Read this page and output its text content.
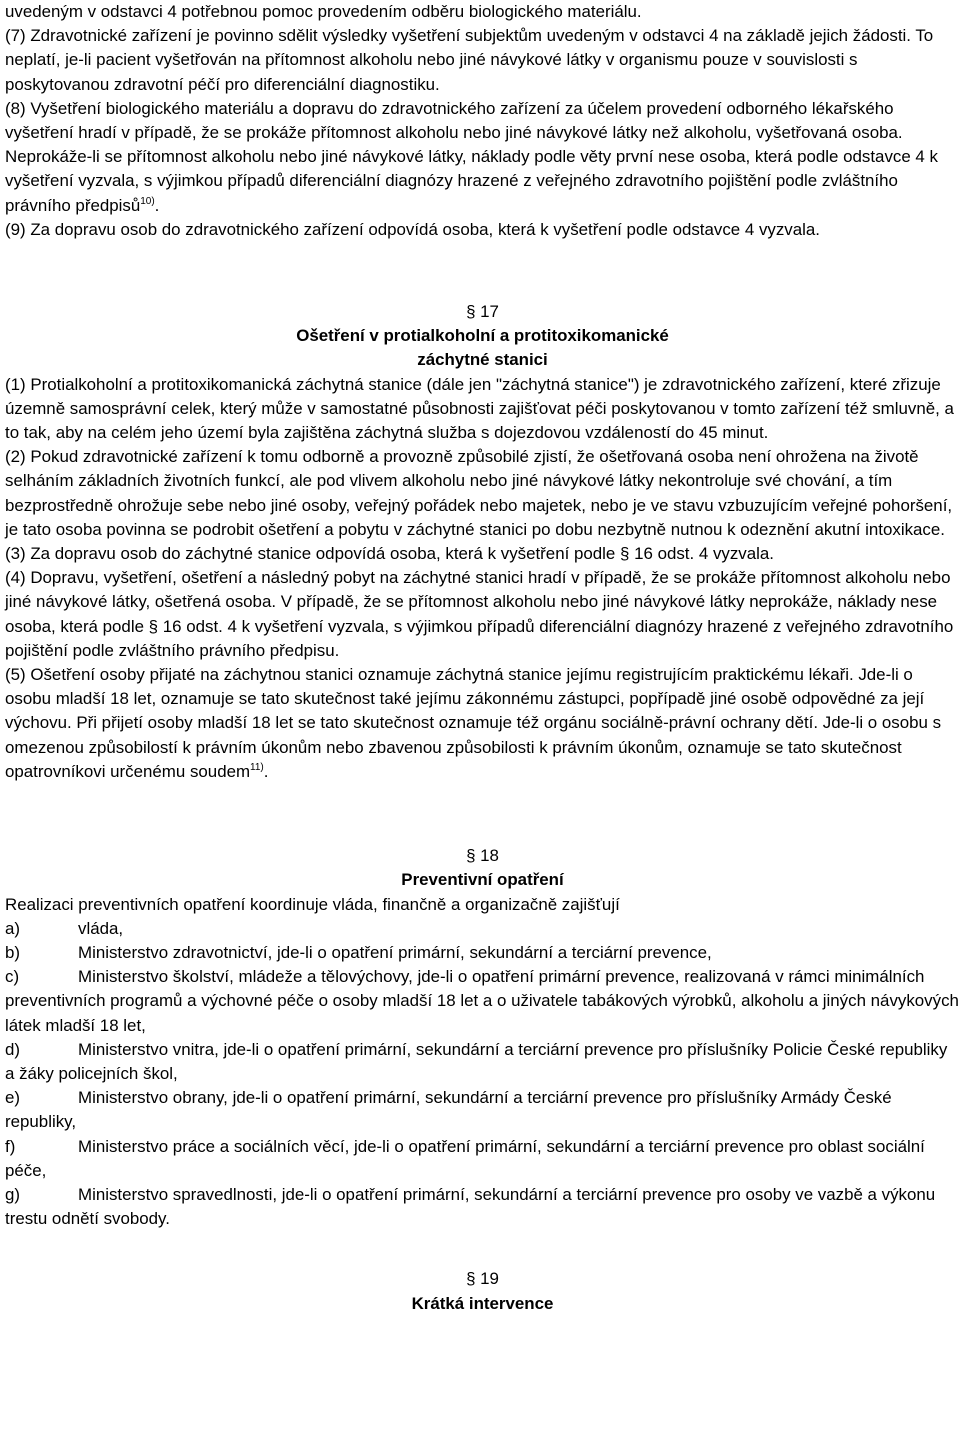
uvedeným v odstavci 4 potřebnou pomoc provedením odběru biologického materiálu.

(7) Zdravotnické zařízení je povinno sdělit výsledky vyšetření subjektům uvedeným v odstavci 4 na základě jejich žádosti. To neplatí, je-li pacient vyšetřován na přítomnost alkoholu nebo jiné návykové látky v organismu pouze v souvislosti s poskytovanou zdravotní péčí pro diferenciální diagnostiku.

(8) Vyšetření biologického materiálu a dopravu do zdravotnického zařízení za účelem provedení odborného lékařského vyšetření hradí v případě, že se prokáže přítomnost alkoholu nebo jiné návykové látky než alkoholu, vyšetřovaná osoba. Neprokáže-li se přítomnost alkoholu nebo jiné návykové látky, náklady podle věty první nese osoba, která podle odstavce 4 k vyšetření vyzvala, s výjimkou případů diferenciální diagnózy hrazené z veřejného zdravotního pojištění podle zvláštního právního předpisů$^{10)}$.

(9) Za dopravu osob do zdravotnického zařízení odpovídá osoba, která k vyšetření podle odstavce 4 vyzvala.

§ 17

Ošetření v protialkoholní a protitoxikomanické

záchytné stanici

(1) Protialkoholní a protitoxikomanická záchytná stanice (dále jen "záchytná stanice") je zdravotnického zařízení, které zřizuje územně samosprávní celek, který může v samostatné působnosti zajišťovat péči poskytovanou v tomto zařízení též smluvně, a to tak, aby na celém jeho území byla zajištěna záchytná služba s dojezdovou vzdáleností do 45 minut.

(2) Pokud zdravotnické zařízení k tomu odborně a provozně způsobilé zjistí, že ošetřovaná osoba není ohrožena na životě selháním základních životních funkcí, ale pod vlivem alkoholu nebo jiné návykové látky nekontroluje své chování, a tím bezprostředně ohrožuje sebe nebo jiné osoby, veřejný pořádek nebo majetek, nebo je ve stavu vzbuzujícím veřejné pohoršení, je tato osoba povinna se podrobit ošetření a pobytu v záchytné stanici po dobu nezbytně nutnou k odeznění akutní intoxikace.

(3) Za dopravu osob do záchytné stanice odpovídá osoba, která k vyšetření podle § 16 odst. 4 vyzvala.

(4) Dopravu, vyšetření, ošetření a následný pobyt na záchytné stanici hradí v případě, že se prokáže přítomnost alkoholu nebo jiné návykové látky, ošetřená osoba. V případě, že se přítomnost alkoholu nebo jiné návykové látky neprokáže, náklady nese osoba, která podle § 16 odst. 4 k vyšetření vyzvala, s výjimkou případů diferenciální diagnózy hrazené z veřejného zdravotního pojištění podle zvláštního právního předpisu.

(5) Ošetření osoby přijaté na záchytnou stanici oznamuje záchytná stanice jejímu registrujícím praktickému lékaři. Jde-li o osobu mladší 18 let, oznamuje se tato skutečnost také jejímu zákonnému zástupci, popřípadě jiné osobě odpovědné za její výchovu. Při přijetí osoby mladší 18 let se tato skutečnost oznamuje též orgánu sociálně-právní ochrany dětí. Jde-li o osobu s omezenou způsobilostí k právním úkonům nebo zbavenou způsobilosti k právním úkonům, oznamuje se tato skutečnost opatrovníkovi určenému soudem$^{11)}$.

§ 18

Preventivní opatření

Realizaci preventivních opatření koordinuje vláda, finančně a organizačně zajišťují

a)	vláda,

b)	Ministerstvo zdravotnictví, jde-li o opatření primární, sekundární a terciární prevence,

c)	Ministerstvo školství, mládeže a tělovýchovy, jde-li o opatření primární prevence, realizovaná v rámci minimálních preventivních programů a výchovné péče o osoby mladší 18 let a o uživatele tabákových výrobků, alkoholu a jiných návykových látek mladší 18 let,

d)	Ministerstvo vnitra, jde-li o opatření primární, sekundární a terciární prevence pro příslušníky Policie České republiky a žáky policejních škol,

e)	Ministerstvo obrany, jde-li o opatření primární, sekundární a terciární prevence pro příslušníky Armády České republiky,

f)	Ministerstvo práce a sociálních věcí, jde-li o opatření primární, sekundární a terciární prevence pro oblast sociální péče,

g)	Ministerstvo spravedlnosti, jde-li o opatření primární, sekundární a terciární prevence pro osoby ve vazbě a výkonu trestu odnětí svobody.

§ 19

Krátká intervence
